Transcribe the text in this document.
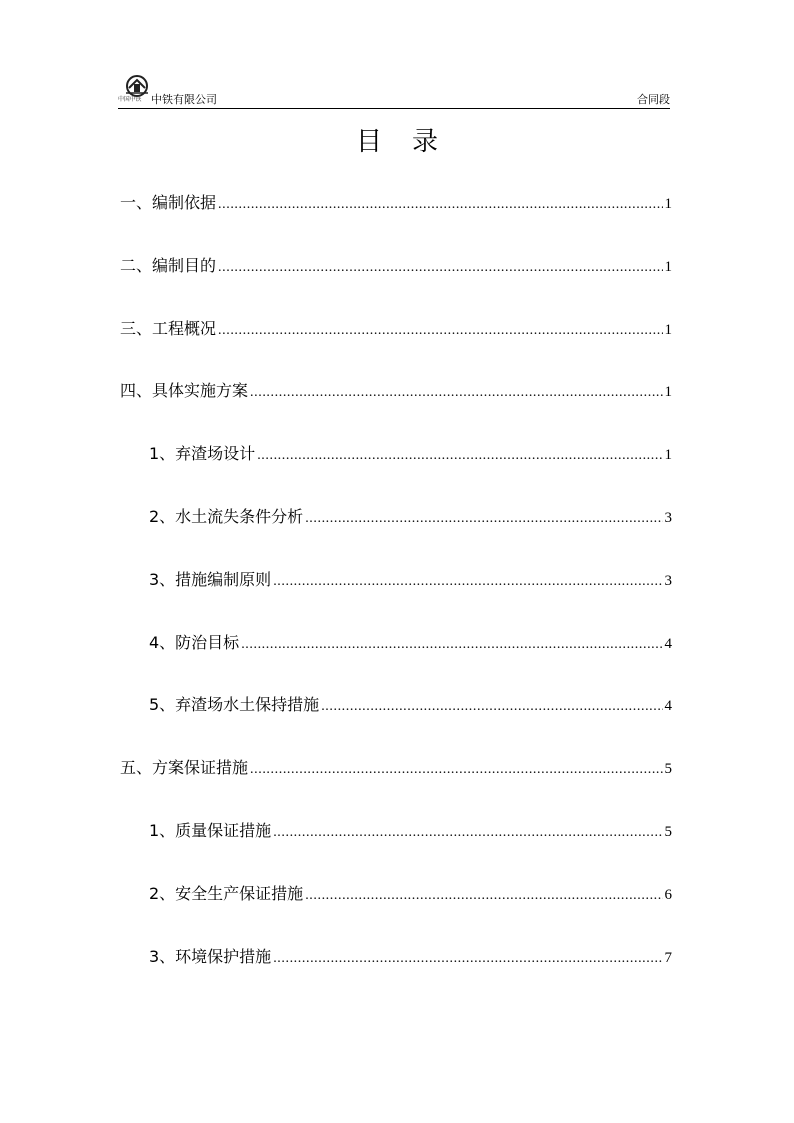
中国中铁 中铁有限公司	合同段
目录
一、编制依据 .....	1
二、编制目的 .....	1
三、工程概况 .....	1
四、具体实施方案 .....	1
1、弃渣场设计 .....	1
2、水土流失条件分析 .....	3
3、措施编制原则 .....	3
4、防治目标 .....	4
5、弃渣场水土保持措施 .....	4
五、方案保证措施 .....	5
1、质量保证措施 .....	5
2、安全生产保证措施 .....	6
3、环境保护措施 .....	7
